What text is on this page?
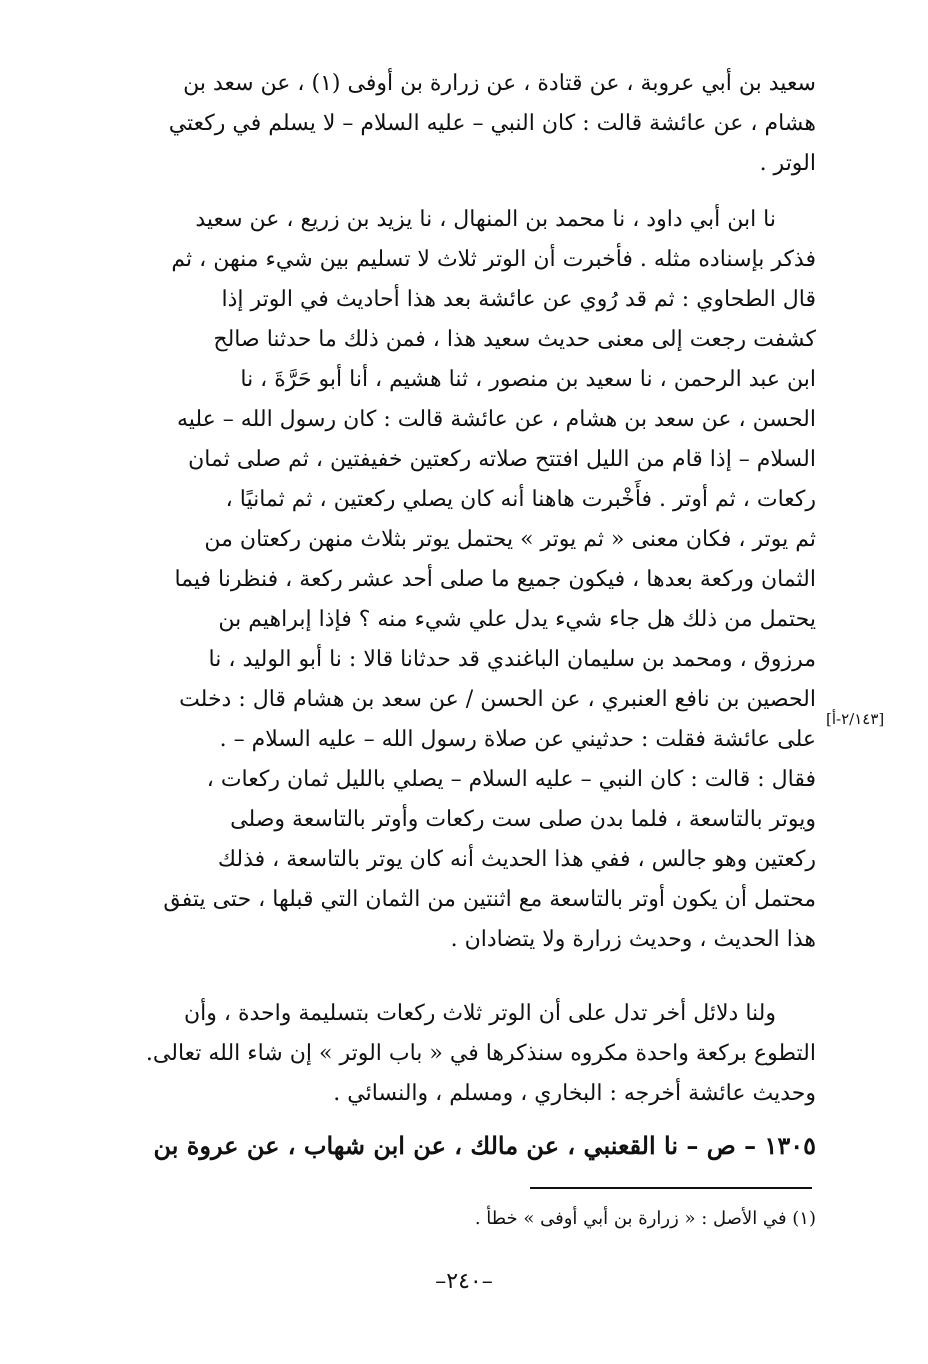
سعيد بن أبي عروبة ، عن قتادة ، عن زرارة بن أوفى (١) ، عن سعد بن
هشام ، عن عائشة قالت : كان النبي – عليه السلام – لا يسلم في ركعتي
الوتر .
نا ابن أبي داود ، نا محمد بن المنهال ، نا يزيد بن زريع ، عن سعيد
فذكر بإسناده مثله . فأخبرت أن الوتر ثلاث لا تسليم بين شيء منهن ، ثم
قال الطحاوي : ثم قد رُوي عن عائشة بعد هذا أحاديث في الوتر إذا
كشفت رجعت إلى معنى حديث سعيد هذا ، فمن ذلك ما حدثنا صالح
ابن عبد الرحمن ، نا سعيد بن منصور ، ثنا هشيم ، أنا أبو حَرَّةَ ، نا
الحسن ، عن سعد بن هشام ، عن عائشة قالت : كان رسول الله – عليه
السلام – إذا قام من الليل افتتح صلاته ركعتين خفيفتين ، ثم صلى ثمان
ركعات ، ثم أوتر . فأَخْبرت هاهنا أنه كان يصلي ركعتين ، ثم ثمانيًا ،
ثم يوتر ، فكان معنى « ثم يوتر » يحتمل يوتر بثلاث منهن ركعتان من
الثمان وركعة بعدها ، فيكون جميع ما صلى أحد عشر ركعة ، فنظرنا فيما
يحتمل من ذلك هل جاء شيء يدل علي شيء منه ؟ فإذا إبراهيم بن
مرزوق ، ومحمد بن سليمان الباغندي قد حدثانا قالا : نا أبو الوليد ، نا
الحصين بن نافع العنبري ، عن الحسن / عن سعد بن هشام قال : دخلت
على عائشة فقلت : حدثيني عن صلاة رسول الله – عليه السلام – .
فقال : قالت : كان النبي – عليه السلام – يصلي بالليل ثمان ركعات ،
ويوتر بالتاسعة ، فلما بدن صلى ست ركعات وأوتر بالتاسعة وصلى
ركعتين وهو جالس ، ففي هذا الحديث أنه كان يوتر بالتاسعة ، فذلك
محتمل أن يكون أوتر بالتاسعة مع اثنتين من الثمان التي قبلها ، حتى يتفق
هذا الحديث ، وحديث زرارة ولا يتضادان .
[٢/١٤٣-أ]
ولنا دلائل أخر تدل على أن الوتر ثلاث ركعات بتسليمة واحدة ، وأن
التطوع بركعة واحدة مكروه سنذكرها في « باب الوتر » إن شاء الله تعالى.
وحديث عائشة أخرجه : البخاري ، ومسلم ، والنسائي .
١٣٠٥ – ص – نا القعنبي ، عن مالك ، عن ابن شهاب ، عن عروة بن
(١) في الأصل : « زرارة بن أبي أوفى » خطأ .
–٢٤٠–
